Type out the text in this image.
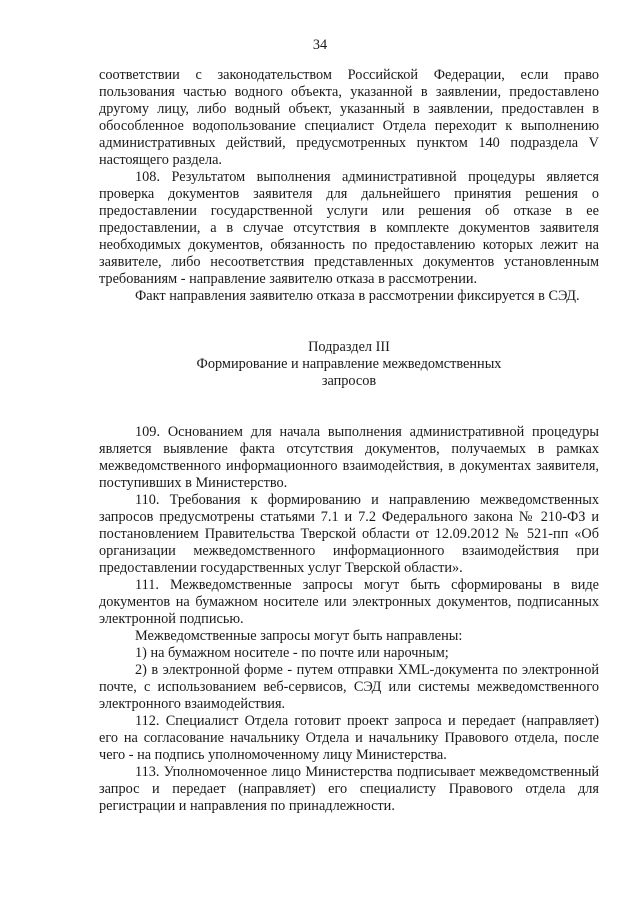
34

соответствии с законодательством Российской Федерации, если право пользования частью водного объекта, указанной в заявлении, предоставлено другому лицу, либо водный объект, указанный в заявлении, предоставлен в обособленное водопользование специалист Отдела переходит к выполнению административных действий, предусмотренных пунктом 140 подраздела V настоящего раздела.

108. Результатом выполнения административной процедуры является проверка документов заявителя для дальнейшего принятия решения о предоставлении государственной услуги или решения об отказе в ее предоставлении, а в случае отсутствия в комплекте документов заявителя необходимых документов, обязанность по предоставлению которых лежит на заявителе, либо несоответствия представленных документов установленным требованиям - направление заявителю отказа в рассмотрении.

Факт направления заявителю отказа в рассмотрении фиксируется в СЭД.

Подраздел III

Формирование и направление межведомственных

запросов

109. Основанием для начала выполнения административной процедуры является выявление факта отсутствия документов, получаемых в рамках межведомственного информационного взаимодействия, в документах заявителя, поступивших в Министерство.

110. Требования к формированию и направлению межведомственных запросов предусмотрены статьями 7.1 и 7.2 Федерального закона № 210-ФЗ и постановлением Правительства Тверской области от 12.09.2012 № 521-пп «Об организации межведомственного информационного взаимодействия при предоставлении государственных услуг Тверской области».

111. Межведомственные запросы могут быть сформированы в виде документов на бумажном носителе или электронных документов, подписанных электронной подписью.

Межведомственные запросы могут быть направлены:

1) на бумажном носителе - по почте или нарочным;

2) в электронной форме - путем отправки XML-документа по электронной почте, с использованием веб-сервисов, СЭД или системы межведомственного электронного взаимодействия.

112. Специалист Отдела готовит проект запроса и передает (направляет) его на согласование начальнику Отдела и начальнику Правового отдела, после чего - на подпись уполномоченному лицу Министерства.

113. Уполномоченное лицо Министерства подписывает межведомственный запрос и передает (направляет) его специалисту Правового отдела для регистрации и направления по принадлежности.
